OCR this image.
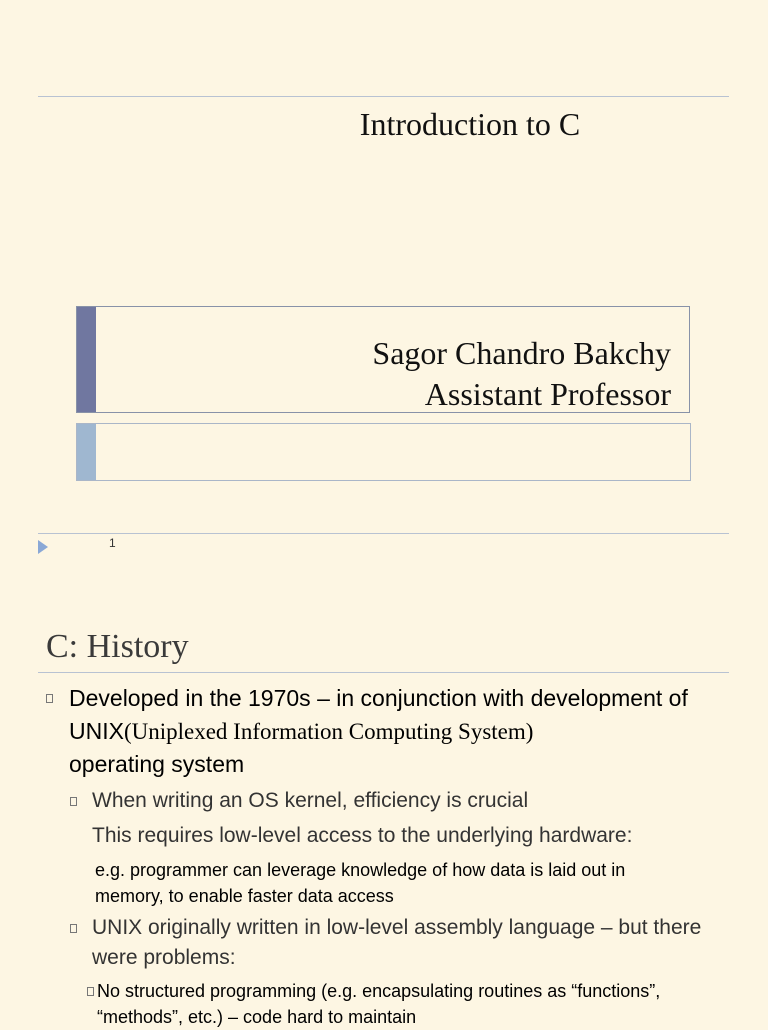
Introduction to C
Sagor Chandro Bakchy
Assistant Professor
1
C: History
Developed in the 1970s – in conjunction with development of UNIX(Uniplexed Information Computing System)
operating system
When writing an OS kernel, efficiency is crucial
This requires low-level access to the underlying hardware:
e.g. programmer can leverage knowledge of how data is laid out in memory, to enable faster data access
UNIX originally written in low-level assembly language – but there were problems:
No structured programming (e.g. encapsulating routines as “functions”, “methods”, etc.) – code hard to maintain
